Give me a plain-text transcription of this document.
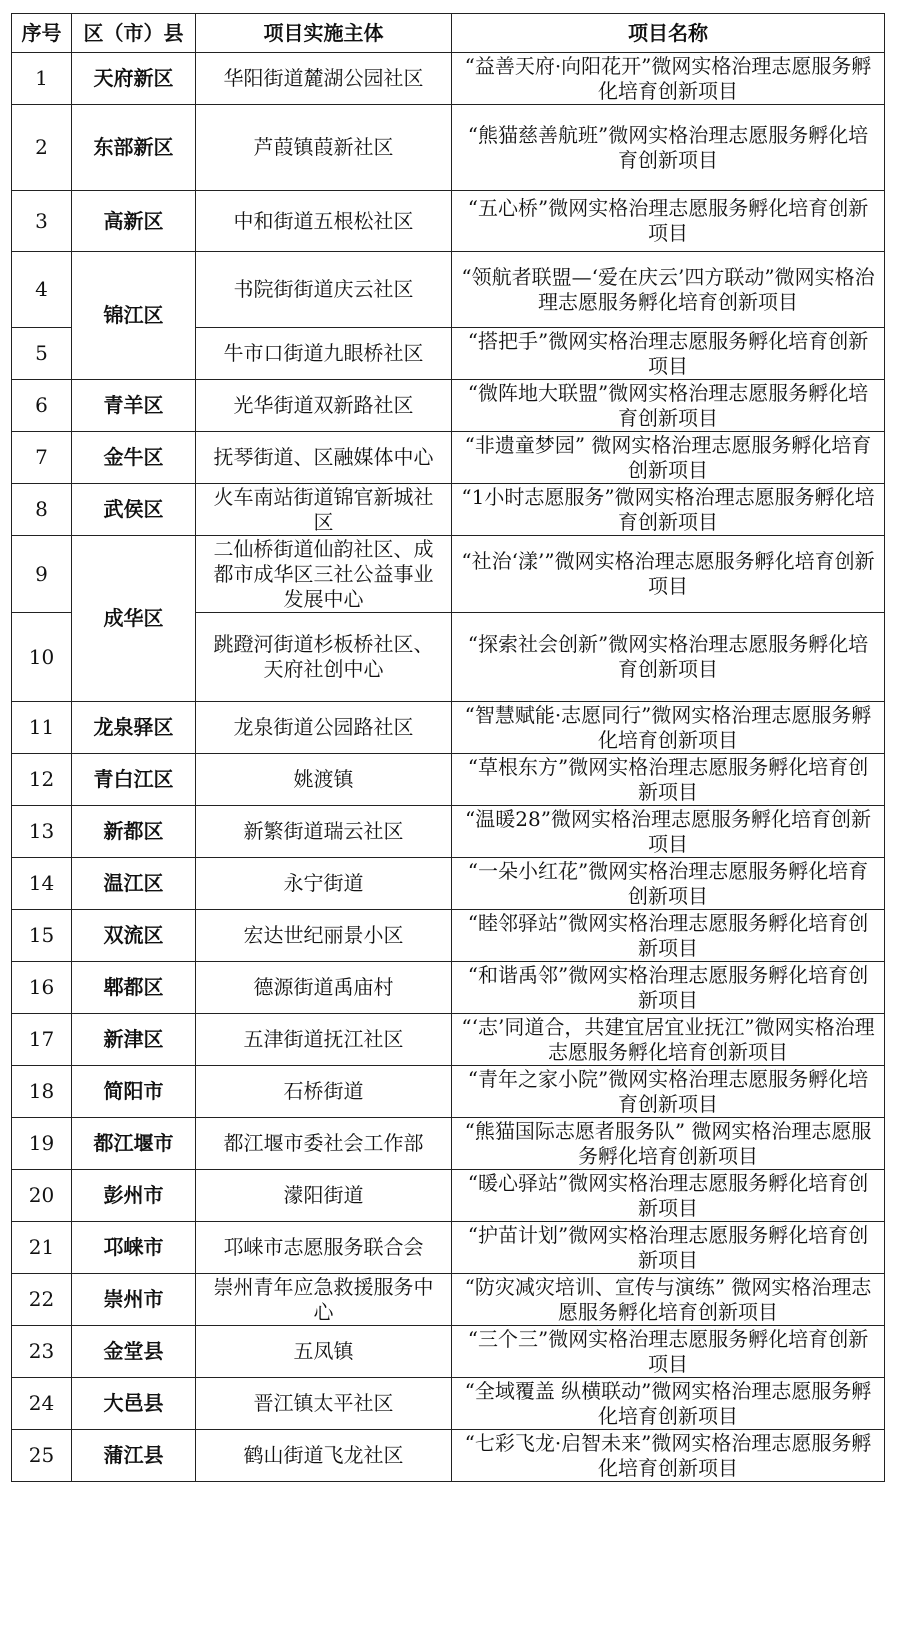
序号	区（市）县	项目实施主体	项目名称
1	天府新区	华阳街道麓湖公园社区	“益善天府·向阳花开”微网实格治理志愿服务孵化培育创新项目
2	东部新区	芦葭镇葭新社区	“熊猫慈善航班”微网实格治理志愿服务孵化培育创新项目
3	高新区	中和街道五根松社区	“五心桥”微网实格治理志愿服务孵化培育创新项目
4	锦江区	书院街街道庆云社区	“领航者联盟—‘爱在庆云’四方联动”微网实格治理志愿服务孵化培育创新项目
5		牛市口街道九眼桥社区	“搭把手”微网实格治理志愿服务孵化培育创新项目
6	青羊区	光华街道双新路社区	“微阵地大联盟”微网实格治理志愿服务孵化培育创新项目
7	金牛区	抚琴街道、区融媒体中心	“非遗童梦园” 微网实格治理志愿服务孵化培育创新项目
8	武侯区	火车南站街道锦官新城社区	“1小时志愿服务”微网实格治理志愿服务孵化培育创新项目
9	成华区	二仙桥街道仙韵社区、成都市成华区三社公益事业发展中心	“社治‘漾’”微网实格治理志愿服务孵化培育创新项目
10		跳蹬河街道杉板桥社区、天府社创中心	“探索社会创新”微网实格治理志愿服务孵化培育创新项目
11	龙泉驿区	龙泉街道公园路社区	“智慧赋能·志愿同行”微网实格治理志愿服务孵化培育创新项目
12	青白江区	姚渡镇	“草根东方”微网实格治理志愿服务孵化培育创新项目
13	新都区	新繁街道瑞云社区	“温暖28”微网实格治理志愿服务孵化培育创新项目
14	温江区	永宁街道	“一朵小红花”微网实格治理志愿服务孵化培育创新项目
15	双流区	宏达世纪丽景小区	“睦邻驿站”微网实格治理志愿服务孵化培育创新项目
16	郫都区	德源街道禹庙村	“和谐禹邻”微网实格治理志愿服务孵化培育创新项目
17	新津区	五津街道抚江社区	“‘志’同道合，共建宜居宜业抚江”微网实格治理志愿服务孵化培育创新项目
18	简阳市	石桥街道	“青年之家小院”微网实格治理志愿服务孵化培育创新项目
19	都江堰市	都江堰市委社会工作部	“熊猫国际志愿者服务队” 微网实格治理志愿服务孵化培育创新项目
20	彭州市	濛阳街道	“暖心驿站”微网实格治理志愿服务孵化培育创新项目
21	邛崃市	邛崃市志愿服务联合会	“护苗计划”微网实格治理志愿服务孵化培育创新项目
22	崇州市	崇州青年应急救援服务中心	“防灾减灾培训、宣传与演练” 微网实格治理志愿服务孵化培育创新项目
23	金堂县	五凤镇	“三个三”微网实格治理志愿服务孵化培育创新项目
24	大邑县	晋江镇太平社区	“全域覆盖 纵横联动”微网实格治理志愿服务孵化培育创新项目
25	蒲江县	鹤山街道飞龙社区	“七彩飞龙·启智未来”微网实格治理志愿服务孵化培育创新项目
